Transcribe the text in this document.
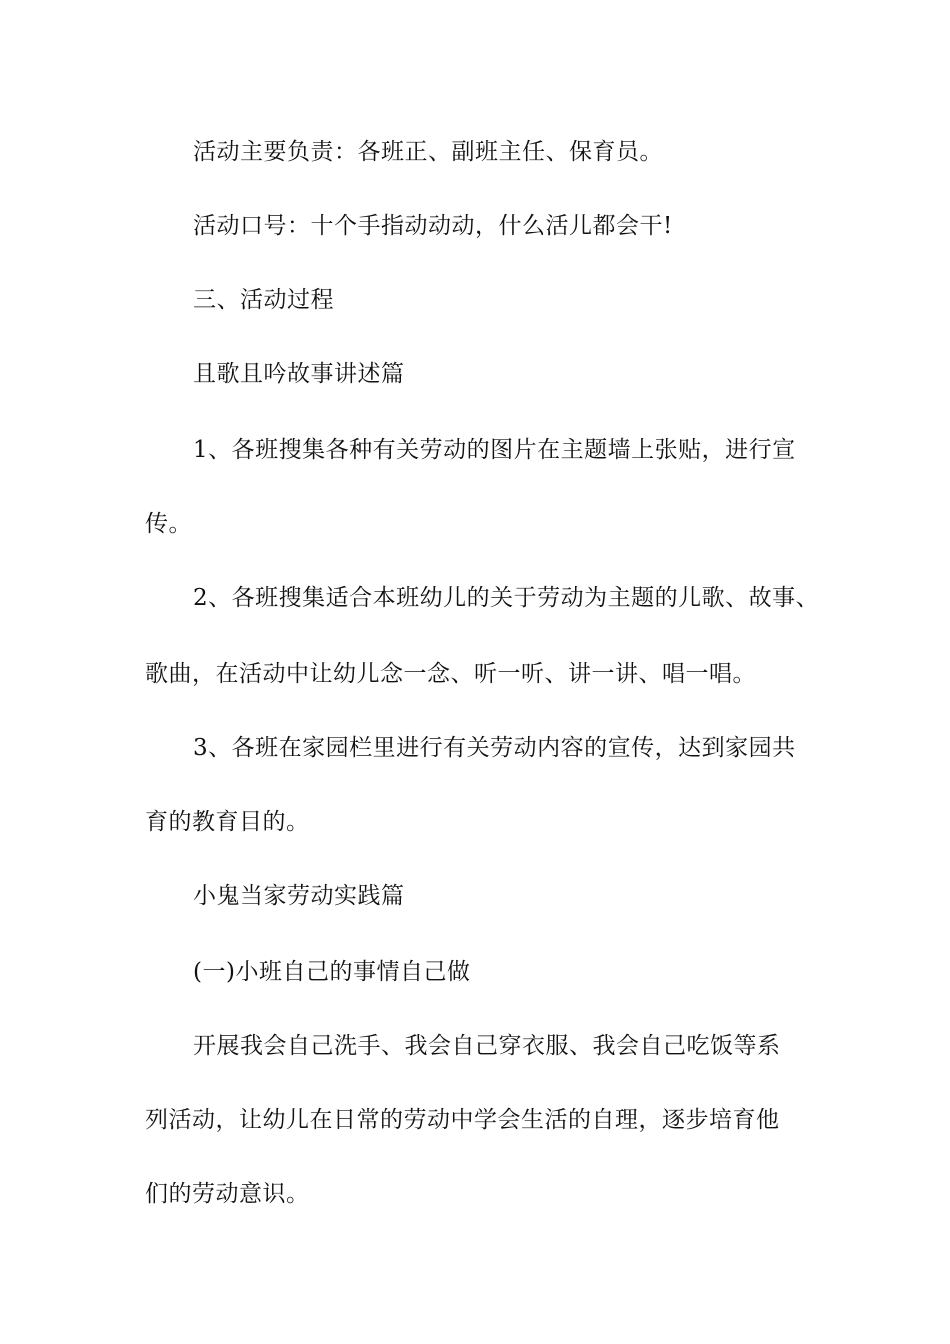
活动主要负责：各班正、副班主任、保育员。
活动口号：十个手指动动动，什么活儿都会干!
三、活动过程
且歌且吟故事讲述篇
1、各班搜集各种有关劳动的图片在主题墙上张贴，进行宣
传。
2、各班搜集适合本班幼儿的关于劳动为主题的儿歌、故事、
歌曲，在活动中让幼儿念一念、听一听、讲一讲、唱一唱。
3、各班在家园栏里进行有关劳动内容的宣传，达到家园共
育的教育目的。
小鬼当家劳动实践篇
(一)小班自己的事情自己做
开展我会自己洗手、我会自己穿衣服、我会自己吃饭等系
列活动，让幼儿在日常的劳动中学会生活的自理，逐步培育他
们的劳动意识。
